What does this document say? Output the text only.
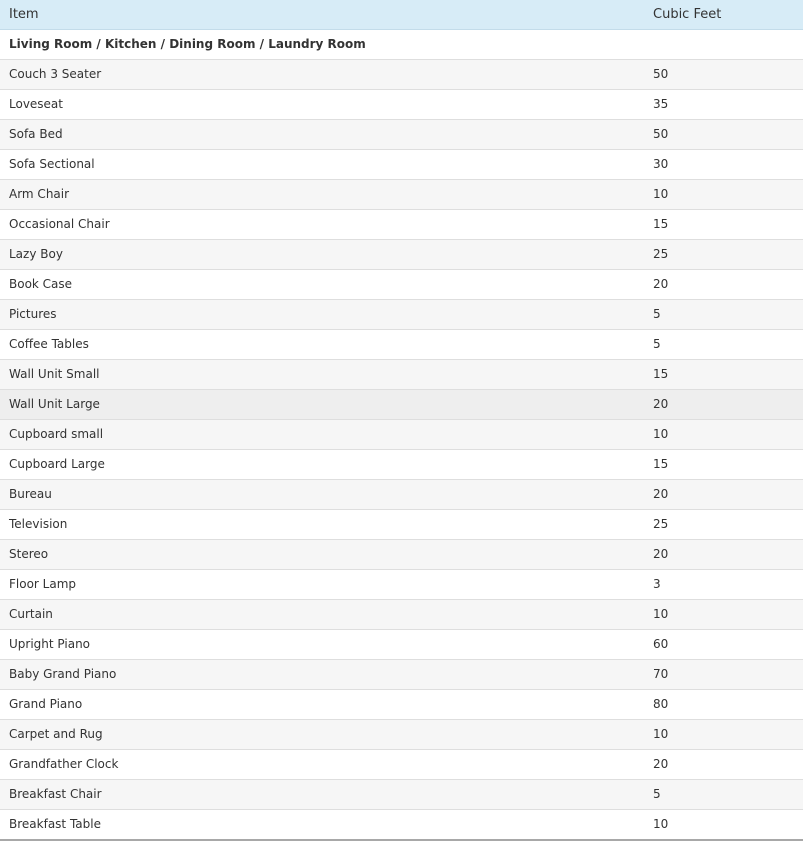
Item	Cubic Feet
Living Room / Kitchen / Dining Room / Laundry Room	
Couch 3 Seater	50
Loveseat	35
Sofa Bed	50
Sofa Sectional	30
Arm Chair	10
Occasional Chair	15
Lazy Boy	25
Book Case	20
Pictures	5
Coffee Tables	5
Wall Unit Small	15
Wall Unit Large	20
Cupboard small	10
Cupboard Large	15
Bureau	20
Television	25
Stereo	20
Floor Lamp	3
Curtain	10
Upright Piano	60
Baby Grand Piano	70
Grand Piano	80
Carpet and Rug	10
Grandfather Clock	20
Breakfast Chair	5
Breakfast Table	10
